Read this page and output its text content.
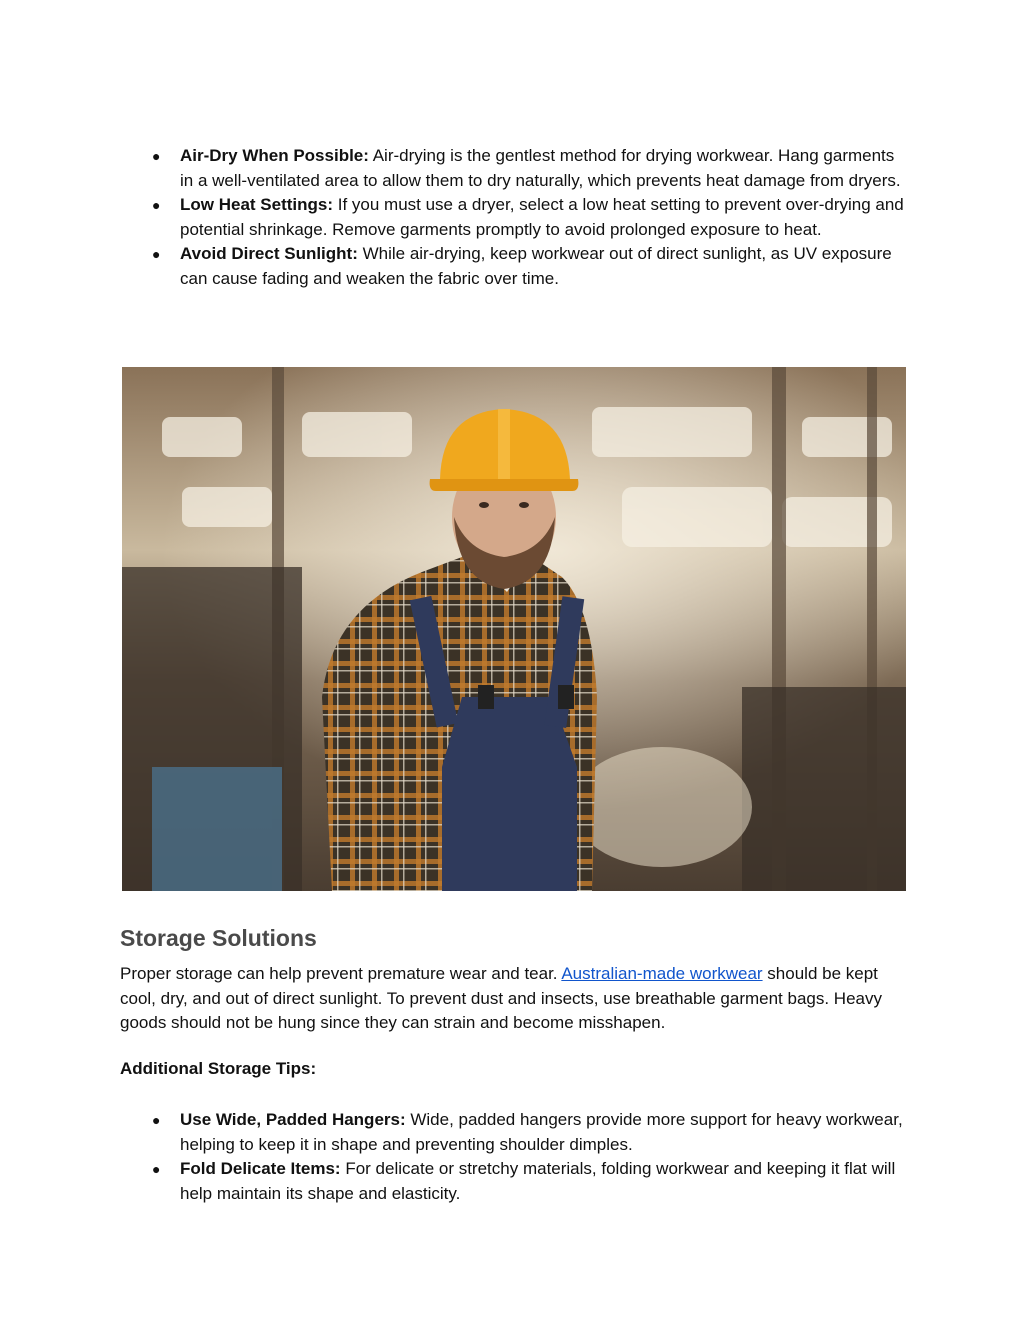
● Air-Dry When Possible: Air-drying is the gentlest method for drying workwear. Hang garments in a well-ventilated area to allow them to dry naturally, which prevents heat damage from dryers.
● Low Heat Settings: If you must use a dryer, select a low heat setting to prevent over-drying and potential shrinkage. Remove garments promptly to avoid prolonged exposure to heat.
● Avoid Direct Sunlight: While air-drying, keep workwear out of direct sunlight, as UV exposure can cause fading and weaken the fabric over time.
Storage Solutions

Proper storage can help prevent premature wear and tear. Australian-made workwear should be kept cool, dry, and out of direct sunlight. To prevent dust and insects, use breathable garment bags. Heavy goods should not be hung since they can strain and become misshapen.

Additional Storage Tips:

● Use Wide, Padded Hangers: Wide, padded hangers provide more support for heavy workwear, helping to keep it in shape and preventing shoulder dimples.
● Fold Delicate Items: For delicate or stretchy materials, folding workwear and keeping it flat will help maintain its shape and elasticity.
